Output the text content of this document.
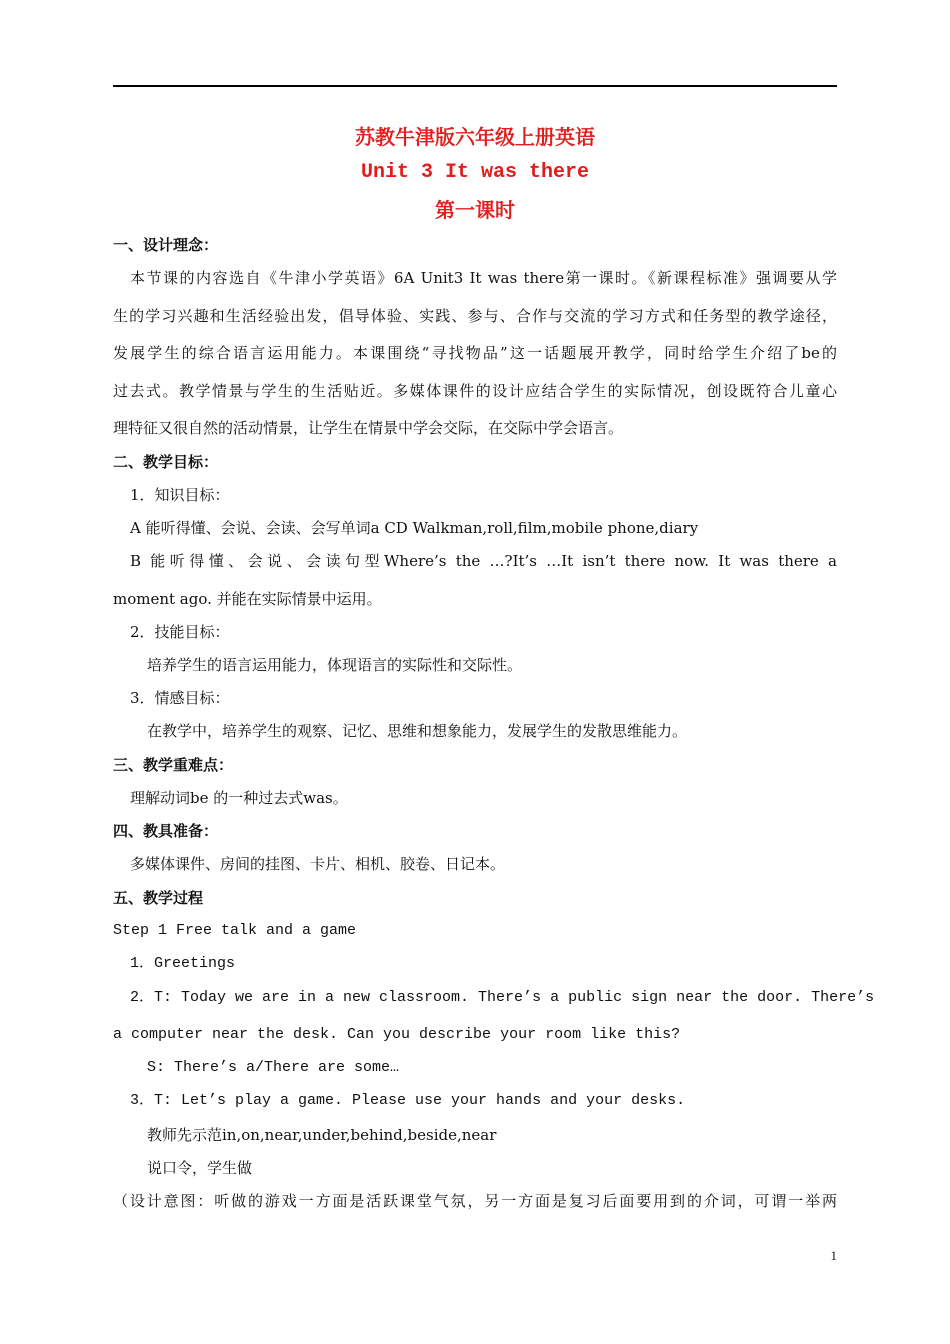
苏教牛津版六年级上册英语
Unit 3 It was there
第一课时
一、设计理念：
本节课的内容选自《牛津小学英语》6A Unit3 It was there第一课时。《新课程标准》强调要从学
生的学习兴趣和生活经验出发，倡导体验、实践、参与、合作与交流的学习方式和任务型的教学途径，
发展学生的综合语言运用能力。本课围绕“寻找物品”这一话题展开教学，同时给学生介绍了be的
过去式。教学情景与学生的生活贴近。多媒体课件的设计应结合学生的实际情况，创设既符合儿童心
理特征又很自然的活动情景，让学生在情景中学会交际，在交际中学会语言。
二、教学目标：
1．知识目标：
A 能听得懂、会说、会读、会写单词a CD Walkman,roll,film,mobile phone,diary
B 能听得懂、会说、会读句型Where’s the …?It’s …It isn’t there now. It was there a
moment ago. 并能在实际情景中运用。
2．技能目标：
培养学生的语言运用能力，体现语言的实际性和交际性。
3．情感目标：
在教学中，培养学生的观察、记忆、思维和想象能力，发展学生的发散思维能力。
三、教学重难点：
理解动词be 的一种过去式was。
四、教具准备：
多媒体课件、房间的挂图、卡片、相机、胶卷、日记本。
五、教学过程
Step 1 Free talk and a game
1．Greetings
2．T: Today we are in a new classroom. There’s a public sign near the door. There’s
a computer near the desk. Can you describe your room like this?
S: There’s a/There are some…
3．T: Let’s play a game. Please use your hands and your desks.
教师先示范in,on,near,under,behind,beside,near
说口令，学生做
（设计意图：听做的游戏一方面是活跃课堂气氛，另一方面是复习后面要用到的介词，可谓一举两
1
